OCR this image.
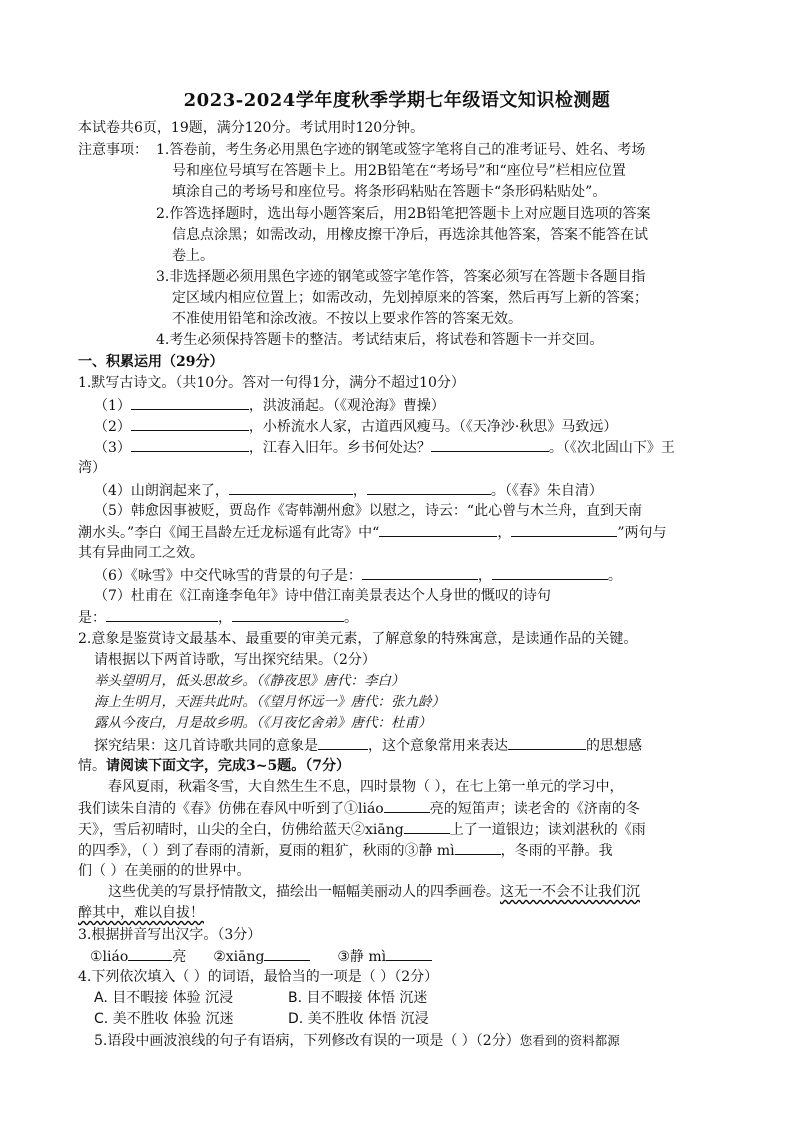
2023-2024学年度秋季学期七年级语文知识检测题
本试卷共6页，19题，满分120分。考试用时120分钟。
注意事项： 1.答卷前，考生务必用黑色字迹的钢笔或签字笔将自己的准考证号、姓名、考场
号和座位号填写在答题卡上。用2B铅笔在“考场号”和“座位号”栏相应位置
填涂自己的考场号和座位号。将条形码粘贴在答题卡“条形码粘贴处”。
2.作答选择题时，选出每小题答案后，用2B铅笔把答题卡上对应题目选项的答案
信息点涂黑；如需改动，用橡皮擦干净后，再选涂其他答案，答案不能答在试
卷上。
3.非选择题必须用黑色字迹的钢笔或签字笔作答，答案必须写在答题卡各题目指
定区域内相应位置上；如需改动，先划掉原来的答案，然后再写上新的答案；
不准使用铅笔和涂改液。不按以上要求作答的答案无效。
4.考生必须保持答题卡的整洁。考试结束后，将试卷和答题卡一并交回。
一、积累运用（29分）
1.默写古诗文。（共10分。答对一句得1分，满分不超过10分）
（1）	，洪波涌起。（《观沧海》曹操）
（2）	，小桥流水人家，古道西风瘦马。（《天净沙·秋思》马致远）
（3）	，江春入旧年。乡书何处达？	。（《次北固山下》王
湾）
（4）山朗润起来了，	，	。（《春》朱自清）
（5）韩愈因事被贬，贾岛作《寄韩潮州愈》以慰之，诗云：“此心曾与木兰舟，直到天南
潮水头。”李白《闻王昌龄左迁龙标遥有此寄》中“	，	”两句与
其有异曲同工之效。
（6）《咏雪》中交代咏雪的背景的句子是：	，	。
（7）杜甫在《江南逢李龟年》诗中借江南美景表达个人身世的慨叹的诗句
是：	，	。
2.意象是鉴赏诗文最基本、最重要的审美元素，了解意象的特殊寓意，是读通作品的关键。
请根据以下两首诗歌，写出探究结果。（2分）
举头望明月，低头思故乡。（《静夜思》唐代：李白）
海上生明月，天涯共此时。（《望月怀远一》唐代：张九龄）
露从今夜白，月是故乡明。（《月夜忆舍弟》唐代：杜甫）
探究结果：这几首诗歌共同的意象是	，这个意象常用来表达	的思想感
情。请阅读下面文字，完成3~5题。（7分）
春风夏雨，秋霜冬雪，大自然生生不息，四时景物（ ），在七上第一单元的学习中，
我们读朱自清的《春》仿佛在春风中听到了①liáo	亮的短笛声；读老舍的《济南的冬
天》，雪后初晴时，山尖的全白，仿佛给蓝天②xiāng	上了一道银边；读刘湛秋的《雨
的四季》，（ ）到了春雨的清新，夏雨的粗犷，秋雨的③静 mì	，冬雨的平静。我
们（ ）在美丽的的世界中。
这些优美的写景抒情散文，描绘出一幅幅美丽动人的四季画卷。这无一不会不让我们沉
醉其中，难以自拔！
3.根据拼音写出汉字。（3分）
①liáo	亮 ②xiāng	③静 mì
4.下列依次填入（ ）的词语，最恰当的一项是（ ）（2分）
A. 目不暇接 体验 沉浸	B. 目不暇接 体悟 沉迷
C. 美不胜收 体验 沉迷	D. 美不胜收 体悟 沉浸
5.语段中画波浪线的句子有语病，下列修改有误的一项是（ ）（2分）您看到的资料都源
